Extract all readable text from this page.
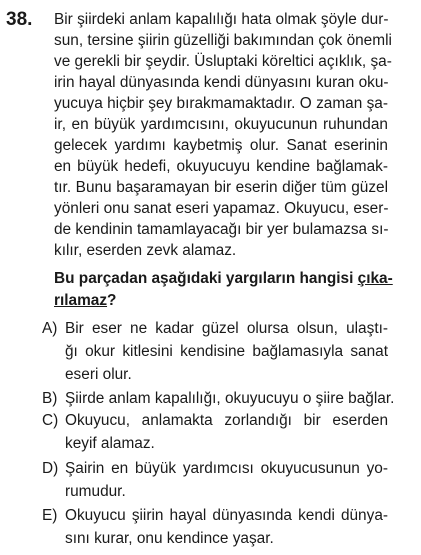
38. Bir şiirdeki anlam kapalılığı hata olmak şöyle dur-
sun, tersine şiirin güzelliği bakımından çok önemli
ve gerekli bir şeydir. Üsluptaki köreltici açıklık, şa-
irin hayal dünyasında kendi dünyasını kuran oku-
yucuya hiçbir şey bırakmamaktadır. O zaman şa-
ir, en büyük yardımcısını, okuyucunun ruhundan
gelecek yardımı kaybetmiş olur. Sanat eserinin
en büyük hedefi, okuyucuyu kendine bağlamak-
tır. Bunu başaramayan bir eserin diğer tüm güzel
yönleri onu sanat eseri yapamaz. Okuyucu, eser-
de kendinin tamamlayacağı bir yer bulamazsa sı-
kılır, eserden zevk alamaz.
Bu parçadan aşağıdaki yargıların hangisi çıka-
rılamaz?
A) Bir eser ne kadar güzel olursa olsun, ulaştı-
ğı okur kitlesini kendisine bağlamasıyla sanat
eseri olur.
B) Şiirde anlam kapalılığı, okuyucuyu o şiire bağlar.
C) Okuyucu, anlamakta zorlandığı bir eserden
keyif alamaz.
D) Şairin en büyük yardımcısı okuyucusunun yo-
rumudur.
E) Okuyucu şiirin hayal dünyasında kendi dünya-
sını kurar, onu kendince yaşar.
